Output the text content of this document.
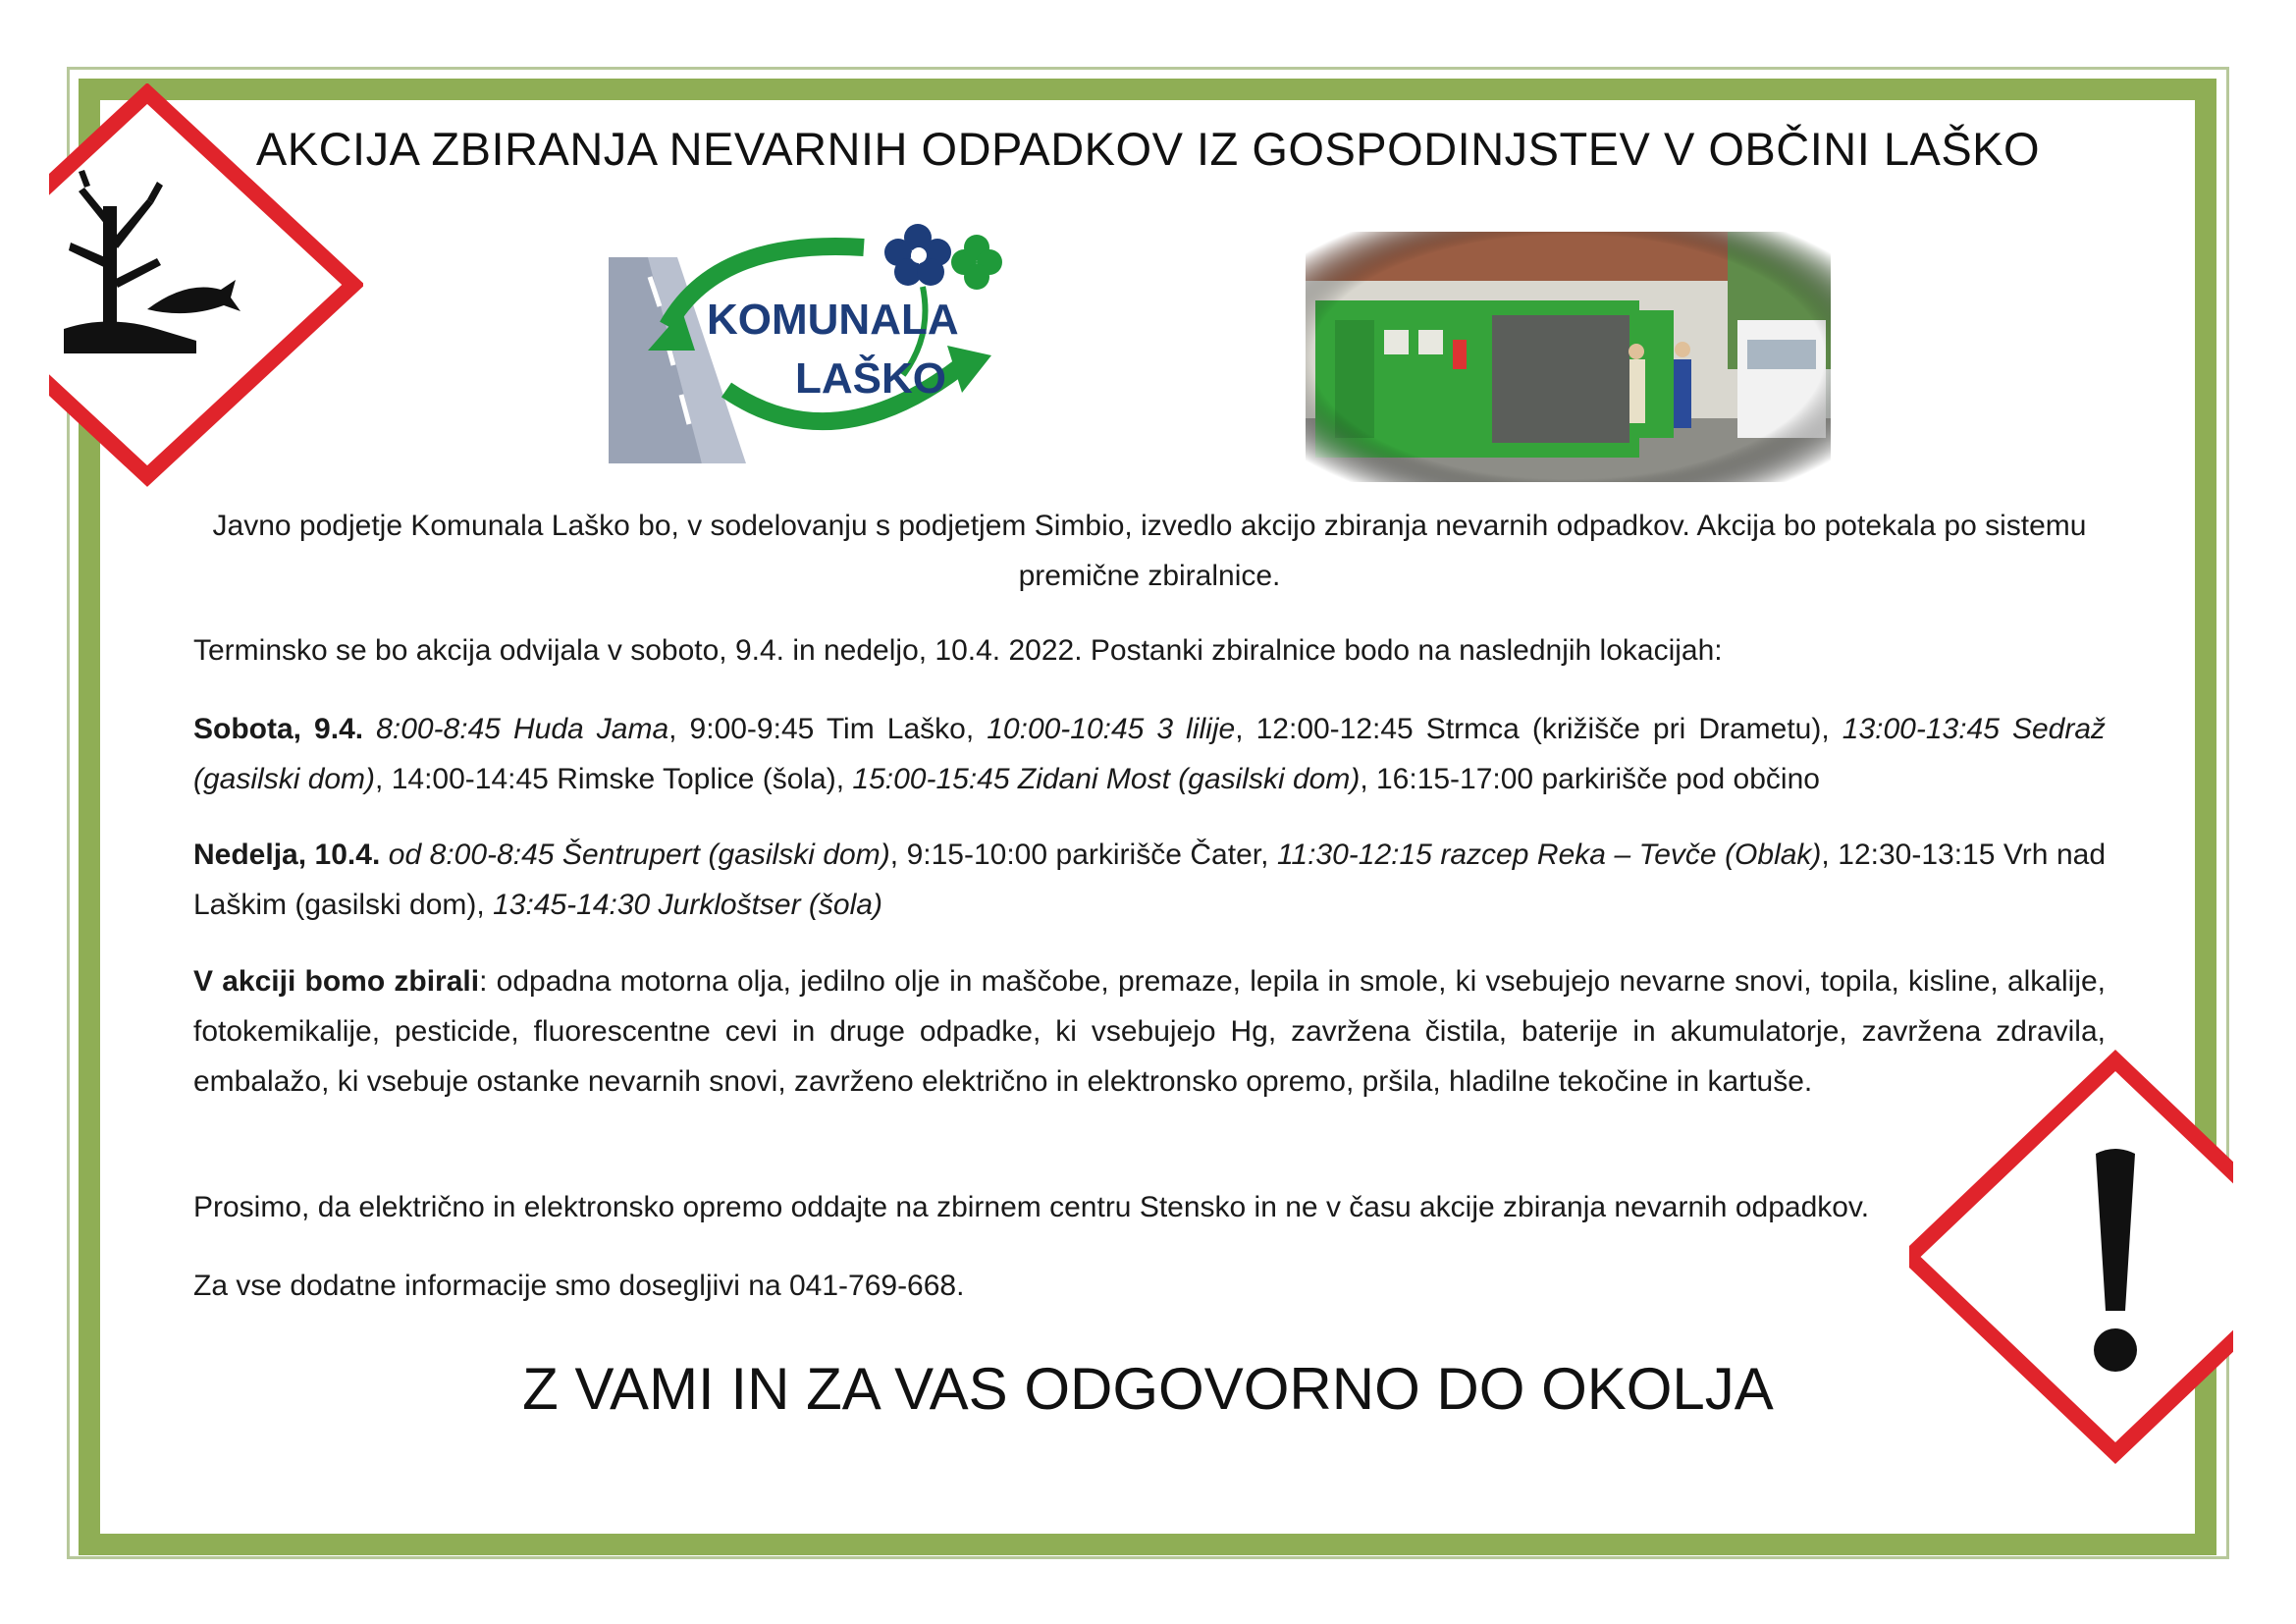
AKCIJA ZBIRANJA NEVARNIH ODPADKOV IZ GOSPODINJSTEV V OBČINI LAŠKO
KOMUNALA
LAŠKO
Javno podjetje Komunala Laško bo, v sodelovanju s podjetjem Simbio, izvedlo akcijo zbiranja nevarnih odpadkov. Akcija bo potekala po sistemu premične zbiralnice.
Terminsko se bo akcija odvijala v soboto, 9.4. in nedeljo, 10.4. 2022. Postanki zbiralnice bodo na naslednjih lokacijah:
Sobota, 9.4. 8:00-8:45 Huda Jama, 9:00-9:45 Tim Laško, 10:00-10:45 3 lilije, 12:00-12:45 Strmca (križišče pri Drametu), 13:00-13:45 Sedraž (gasilski dom), 14:00-14:45 Rimske Toplice (šola), 15:00-15:45 Zidani Most (gasilski dom), 16:15-17:00 parkirišče pod občino
Nedelja, 10.4. od 8:00-8:45 Šentrupert (gasilski dom), 9:15-10:00 parkirišče Čater, 11:30-12:15 razcep Reka – Tevče (Oblak), 12:30-13:15 Vrh nad Laškim (gasilski dom), 13:45-14:30 Jurkloštser (šola)
V akciji bomo zbirali: odpadna motorna olja, jedilno olje in maščobe, premaze, lepila in smole, ki vsebujejo nevarne snovi, topila, kisline, alkalije, fotokemikalije, pesticide, fluorescentne cevi in druge odpadke, ki vsebujejo Hg, zavržena čistila, baterije in akumulatorje, zavržena zdravila, embalažo, ki vsebuje ostanke nevarnih snovi, zavrženo električno in elektronsko opremo, pršila, hladilne tekočine in kartuše.
Prosimo, da električno in elektronsko opremo oddajte na zbirnem centru Stensko in ne v času akcije zbiranja nevarnih odpadkov.
Za vse dodatne informacije smo dosegljivi na 041-769-668.
Z VAMI IN ZA VAS ODGOVORNO DO OKOLJA
